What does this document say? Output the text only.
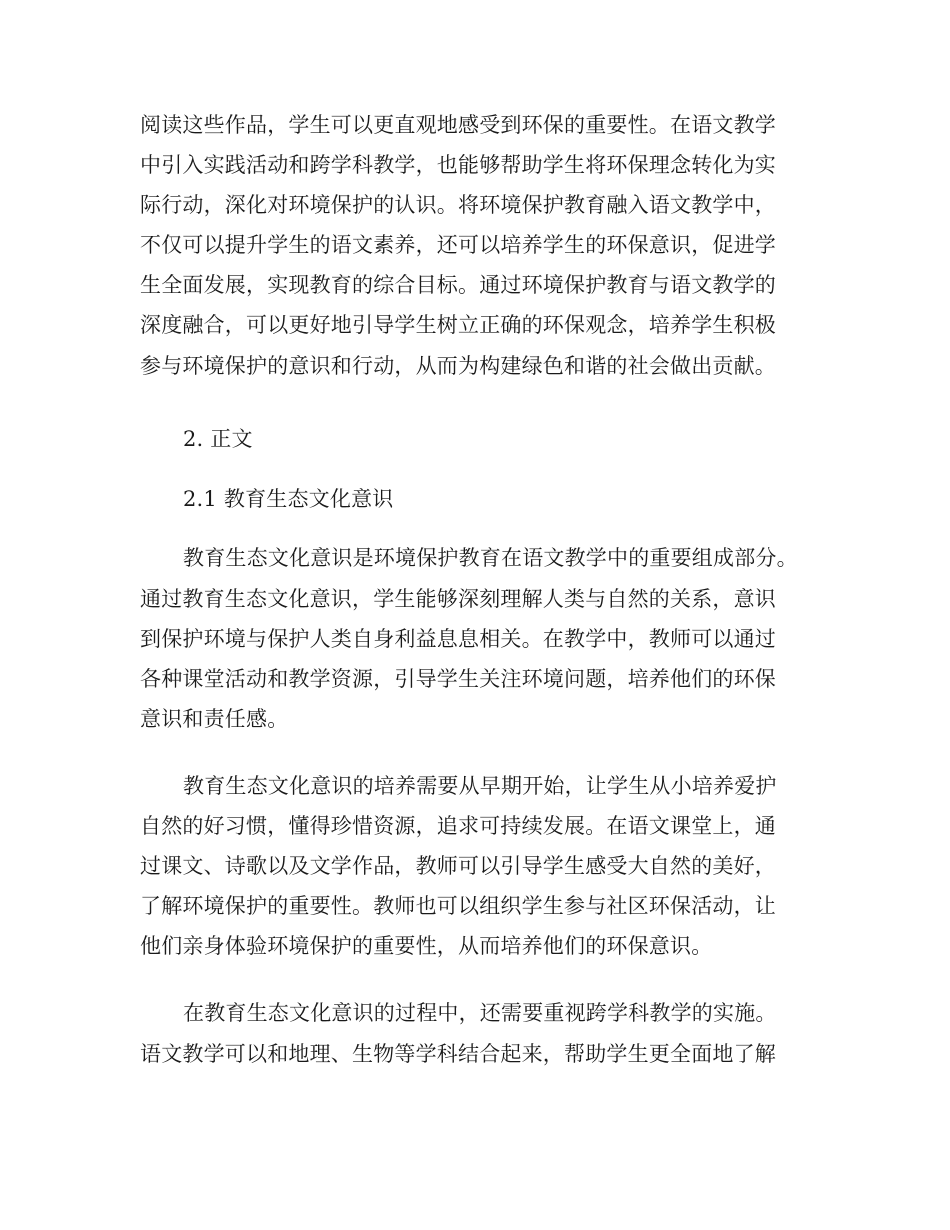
阅读这些作品，学生可以更直观地感受到环保的重要性。在语文教学
中引入实践活动和跨学科教学，也能够帮助学生将环保理念转化为实
际行动，深化对环境保护的认识。将环境保护教育融入语文教学中，
不仅可以提升学生的语文素养，还可以培养学生的环保意识，促进学
生全面发展，实现教育的综合目标。通过环境保护教育与语文教学的
深度融合，可以更好地引导学生树立正确的环保观念，培养学生积极
参与环境保护的意识和行动，从而为构建绿色和谐的社会做出贡献。
2. 正文
2.1 教育生态文化意识
教育生态文化意识是环境保护教育在语文教学中的重要组成部分。
通过教育生态文化意识，学生能够深刻理解人类与自然的关系，意识
到保护环境与保护人类自身利益息息相关。在教学中，教师可以通过
各种课堂活动和教学资源，引导学生关注环境问题，培养他们的环保
意识和责任感。
教育生态文化意识的培养需要从早期开始，让学生从小培养爱护
自然的好习惯，懂得珍惜资源，追求可持续发展。在语文课堂上，通
过课文、诗歌以及文学作品，教师可以引导学生感受大自然的美好，
了解环境保护的重要性。教师也可以组织学生参与社区环保活动，让
他们亲身体验环境保护的重要性，从而培养他们的环保意识。
在教育生态文化意识的过程中，还需要重视跨学科教学的实施。
语文教学可以和地理、生物等学科结合起来，帮助学生更全面地了解
